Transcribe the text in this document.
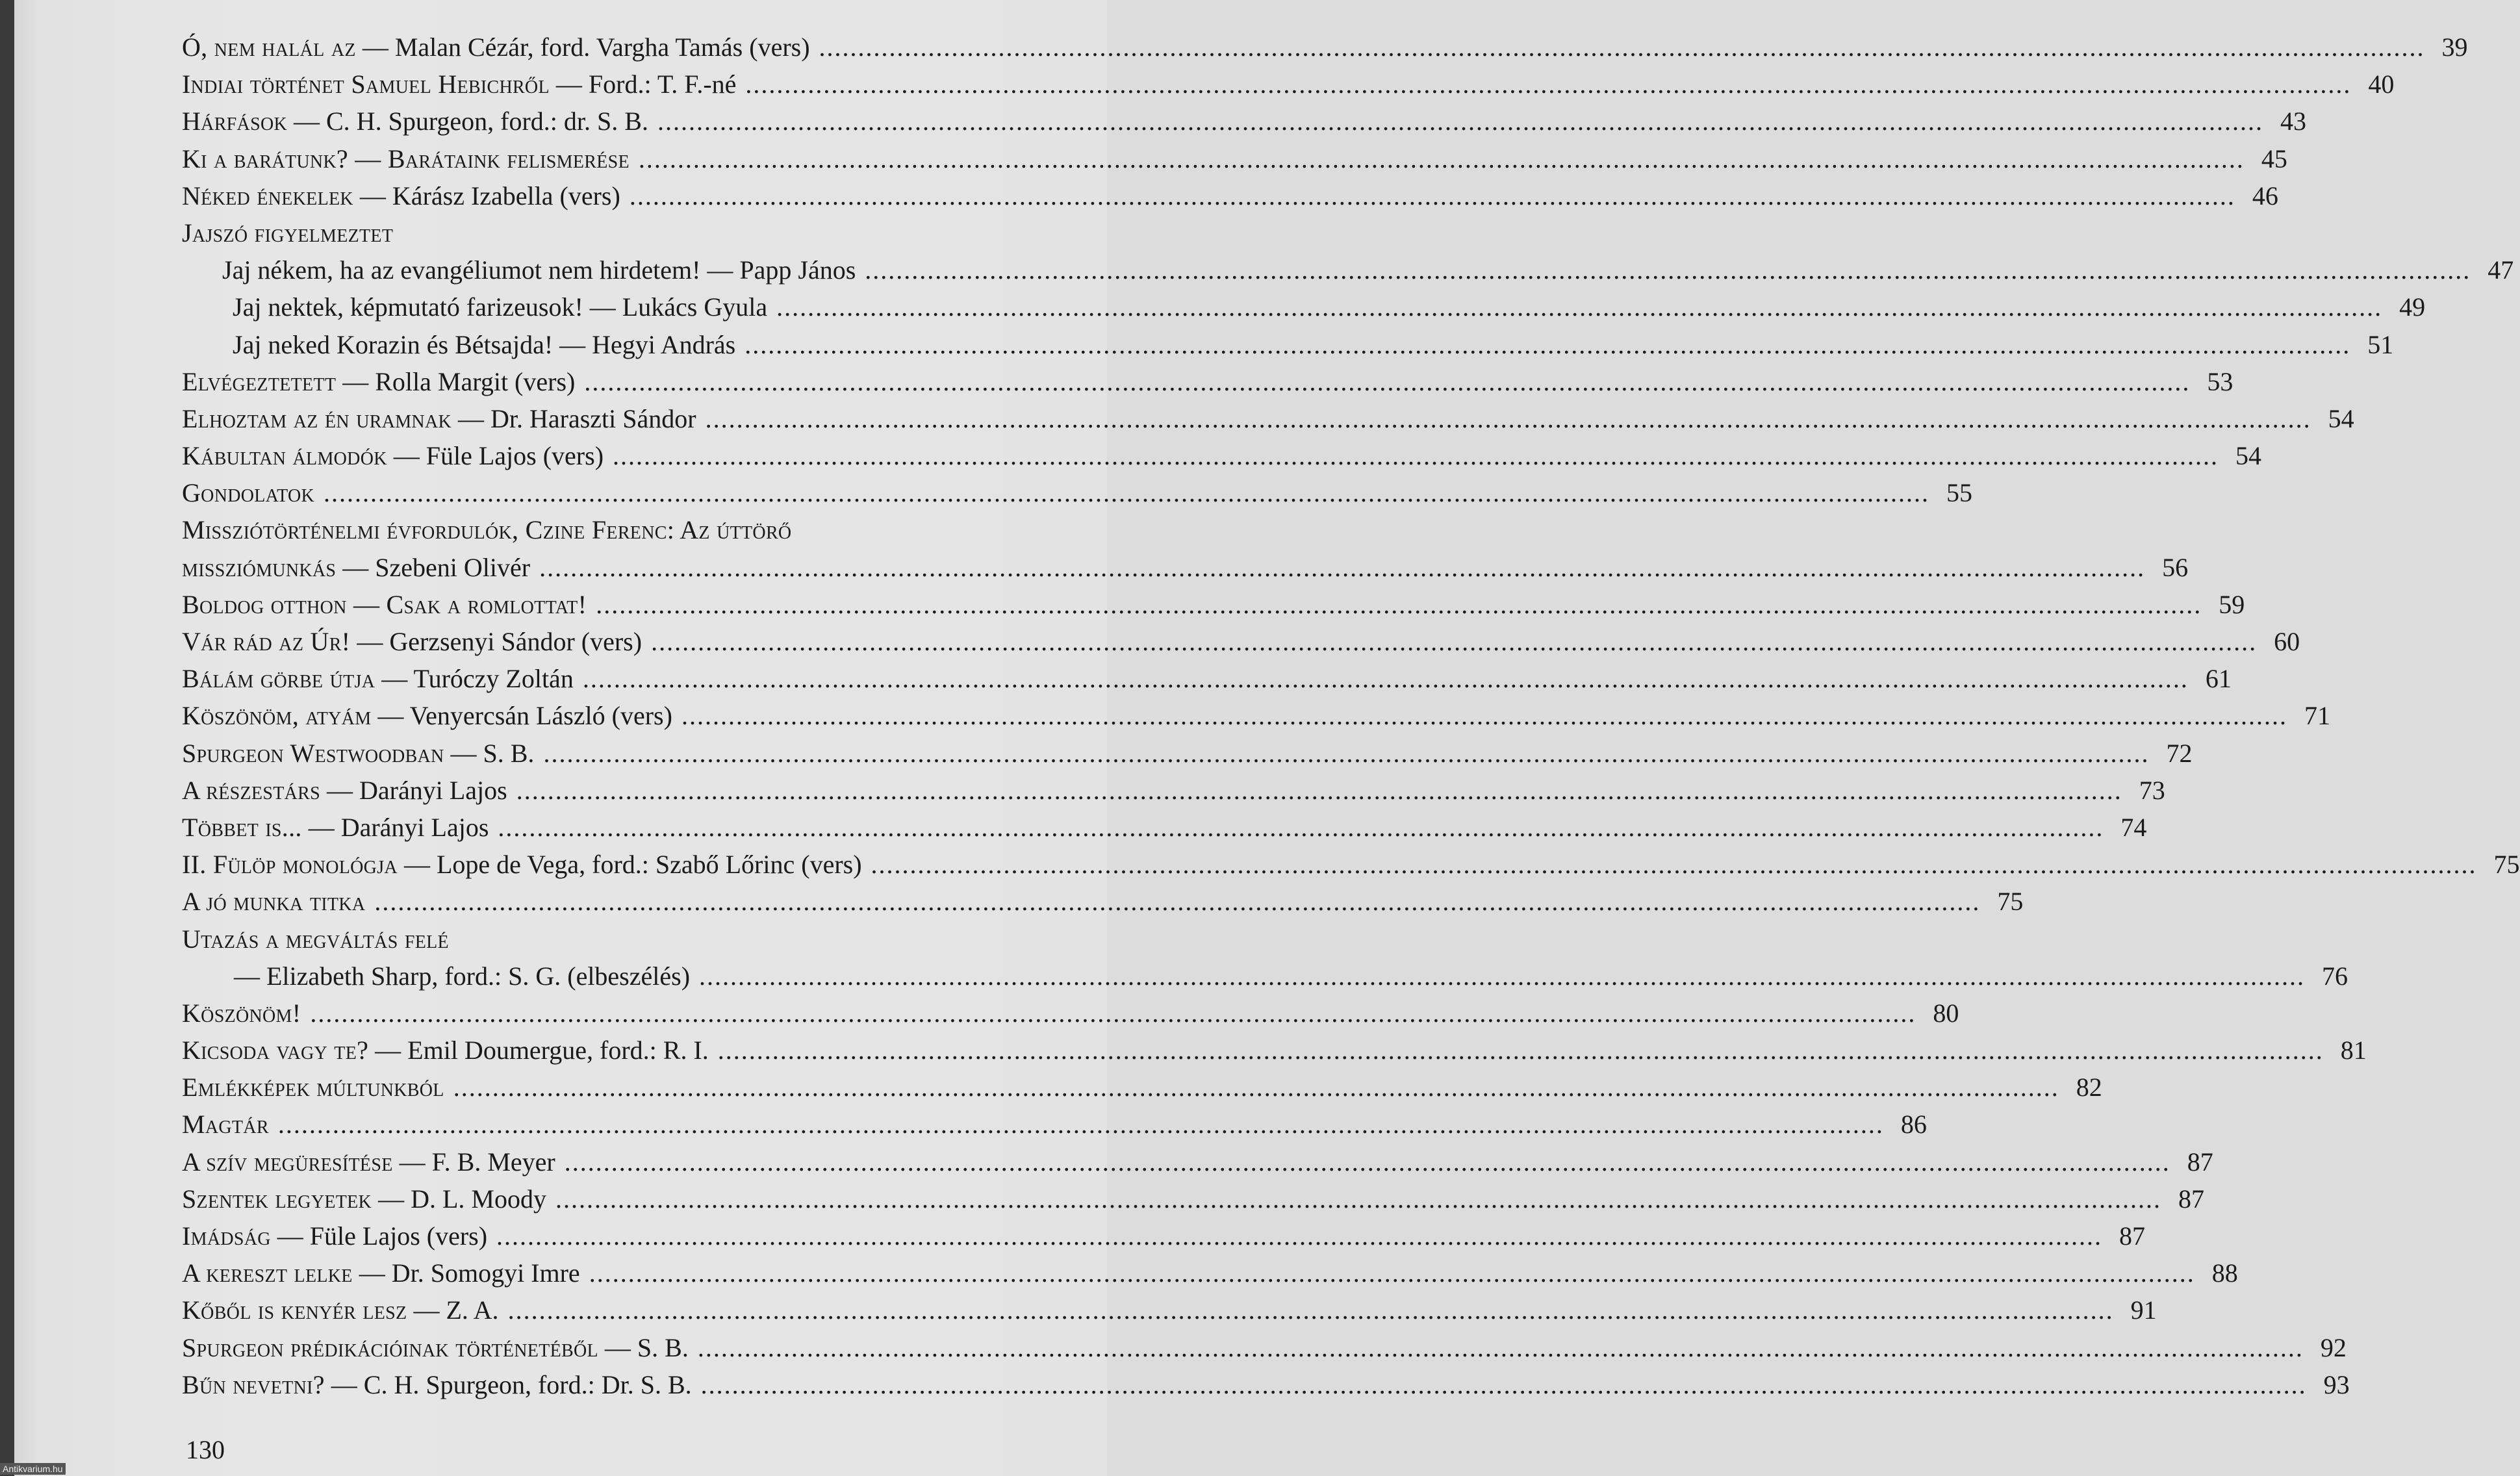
Ó, nem halál az — Malan Cézár, ford. Vargha Tamás (vers) .....	39
Indiai történet Samuel Hebichről — Ford.: T. F.-né .....	40
Hárfások — C. H. Spurgeon, ford.: dr. S. B. .....	43
Ki a barátunk? — Barátaink felismerése .....	45
Néked énekelek — Kárász Izabella (vers) .....	46
Jajszó figyelmeztet
Jaj nékem, ha az evangéliumot nem hirdetem! — Papp János .....	47
Jaj nektek, képmutató farizeusok! — Lukács Gyula .....	49
Jaj neked Korazin és Bétsajda! — Hegyi András .....	51
Elvégeztetett — Rolla Margit (vers) .....	53
Elhoztam az én uramnak — Dr. Haraszti Sándor .....	54
Kábultan álmodók — Füle Lajos (vers) .....	54
Gondolatok .....	55
Missziótörténelmi évfordulók, Czine Ferenc: Az úttörő
missziómunkás — Szebeni Olivér .....	56
Boldog otthon — Csak a romlottat! .....	59
Vár rád az Úr! — Gerzsenyi Sándor (vers) .....	60
Bálám görbe útja — Turóczy Zoltán .....	61
Köszönöm, atyám — Venyercsán László (vers) .....	71
Spurgeon Westwoodban — S. B. .....	72
A részestárs — Darányi Lajos .....	73
Többet is... — Darányi Lajos .....	74
II. Fülöp monológja — Lope de Vega, ford.: Szabő Lőrinc (vers) .....	75
A jó munka titka .....	75
Utazás a megváltás felé
— Elizabeth Sharp, ford.: S. G. (elbeszélés) .....	76
Köszönöm! .....	80
Kicsoda vagy te? — Emil Doumergue, ford.: R. I. .....	81
Emlékképek múltunkból .....	82
Magtár .....	86
A szív megüresítése — F. B. Meyer .....	87
Szentek legyetek — D. L. Moody .....	87
Imádság — Füle Lajos (vers) .....	87
A kereszt lelke — Dr. Somogyi Imre .....	88
Kőből is kenyér lesz — Z. A. .....	91
Spurgeon prédikációinak történetéből — S. B. .....	92
Bűn nevetni? — C. H. Spurgeon, ford.: Dr. S. B. .....	93
130
Antikvarium.hu
